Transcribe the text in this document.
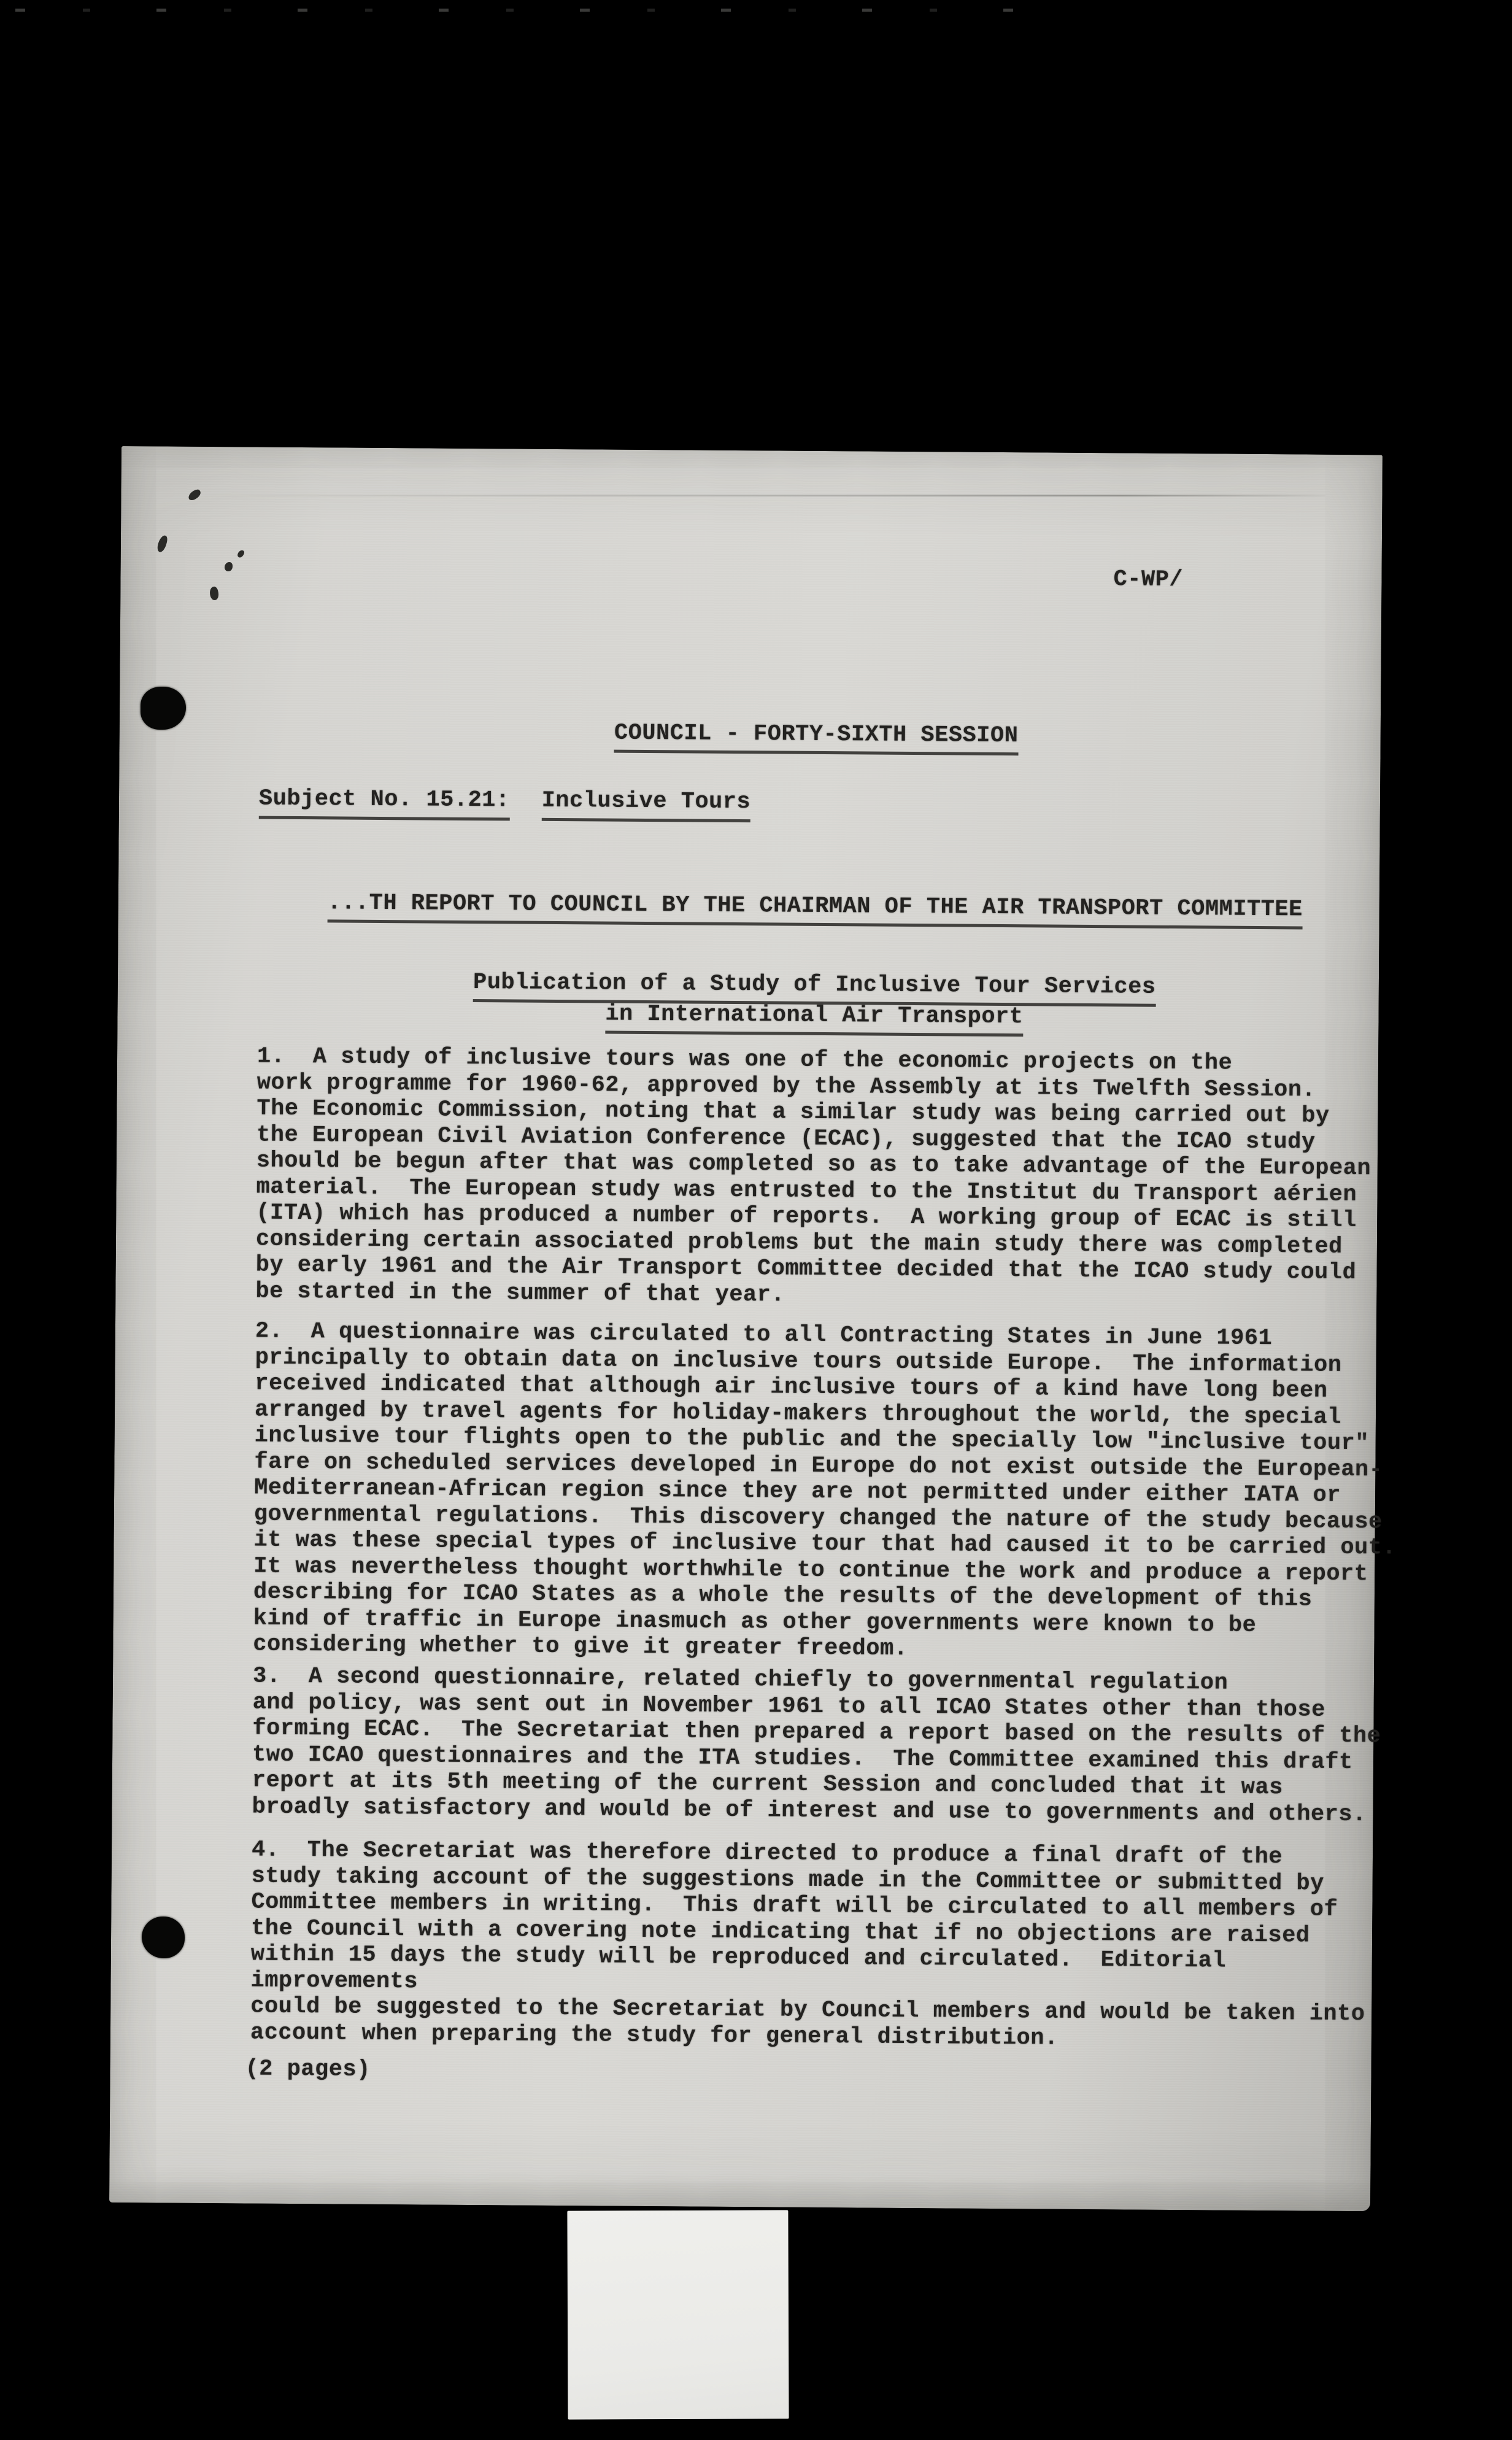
C-WP/

COUNCIL - FORTY-SIXTH SESSION

Subject No. 15.21: Inclusive Tours

...TH REPORT TO COUNCIL BY THE CHAIRMAN OF THE AIR TRANSPORT COMMITTEE

Publication of a Study of Inclusive Tour Services

in International Air Transport

1.  A study of inclusive tours was one of the economic projects on the
work programme for 1960-62, approved by the Assembly at its Twelfth Session.
The Economic Commission, noting that a similar study was being carried out by
the European Civil Aviation Conference (ECAC), suggested that the ICAO study
should be begun after that was completed so as to take advantage of the European
material.  The European study was entrusted to the Institut du Transport aérien
(ITA) which has produced a number of reports.  A working group of ECAC is still
considering certain associated problems but the main study there was completed
by early 1961 and the Air Transport Committee decided that the ICAO study could
be started in the summer of that year.
2.  A questionnaire was circulated to all Contracting States in June 1961
principally to obtain data on inclusive tours outside Europe.  The information
received indicated that although air inclusive tours of a kind have long been
arranged by travel agents for holiday-makers throughout the world, the special
inclusive tour flights open to the public and the specially low "inclusive tour"
fare on scheduled services developed in Europe do not exist outside the European-
Mediterranean-African region since they are not permitted under either IATA or
governmental regulations.  This discovery changed the nature of the study because
it was these special types of inclusive tour that had caused it to be carried out.
It was nevertheless thought worthwhile to continue the work and produce a report
describing for ICAO States as a whole the results of the development of this
kind of traffic in Europe inasmuch as other governments were known to be
considering whether to give it greater freedom.
3.  A second questionnaire, related chiefly to governmental regulation
and policy, was sent out in November 1961 to all ICAO States other than those
forming ECAC.  The Secretariat then prepared a report based on the results of the
two ICAO questionnaires and the ITA studies.  The Committee examined this draft
report at its 5th meeting of the current Session and concluded that it was
broadly satisfactory and would be of interest and use to governments and others.
4.  The Secretariat was therefore directed to produce a final draft of the
study taking account of the suggestions made in the Committee or submitted by
Committee members in writing.  This draft will be circulated to all members of
the Council with a covering note indicating that if no objections are raised
within 15 days the study will be reproduced and circulated.  Editorial improvements
could be suggested to the Secretariat by Council members and would be taken into
account when preparing the study for general distribution.
(2 pages)
